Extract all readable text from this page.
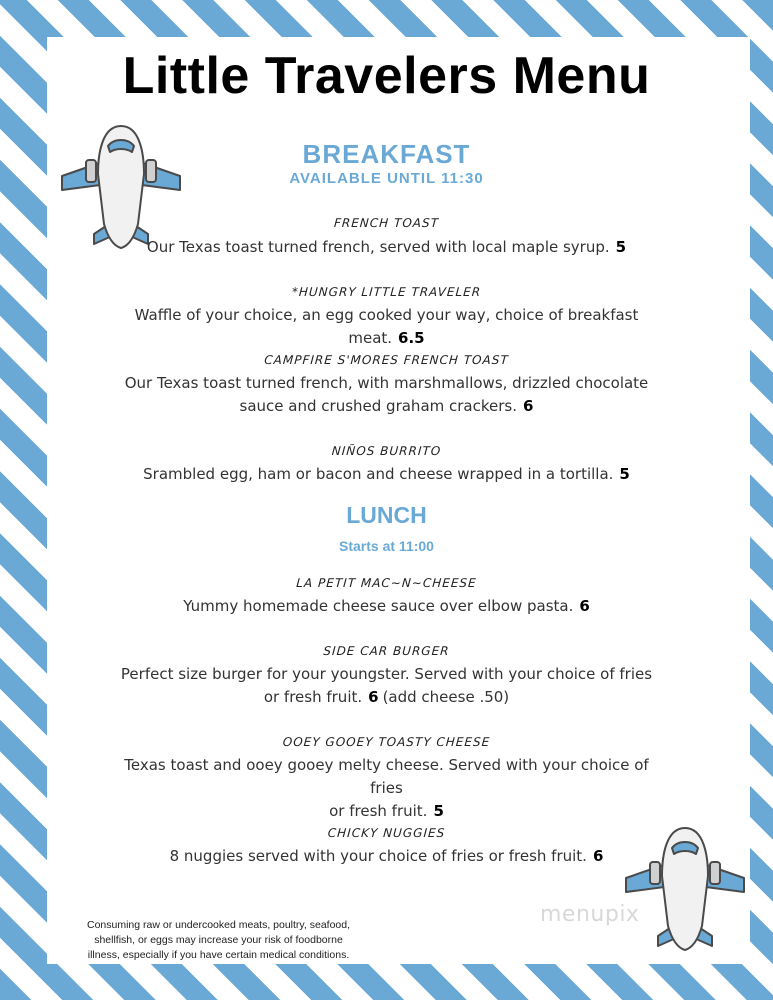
Little Travelers Menu
BREAKFAST
AVAILABLE UNTIL 11:30
FRENCH TOAST
Our Texas toast turned french, served with local maple syrup. 5
*HUNGRY LITTLE TRAVELER
Waffle of your choice, an egg cooked your way, choice of breakfast meat. 6.5
CAMPFIRE S'MORES FRENCH TOAST
Our Texas toast turned french, with marshmallows, drizzled chocolate
sauce and crushed graham crackers. 6
NIÑOS BURRITO
Srambled egg, ham or bacon and cheese wrapped in a tortilla. 5
LUNCH
Starts at 11:00
LA PETIT MAC~N~CHEESE
Yummy homemade cheese sauce over elbow pasta. 6
SIDE CAR BURGER
Perfect size burger for your youngster. Served with your choice of fries
or fresh fruit. 6 (add cheese .50)
OOEY GOOEY TOASTY CHEESE
Texas toast and ooey gooey melty cheese. Served with your choice of fries
or fresh fruit. 5
CHICKY NUGGIES
8 nuggies served with your choice of fries or fresh fruit. 6
Consuming raw or undercooked meats, poultry, seafood,
shellfish, or eggs may increase your risk of foodborne
illness, especially if you have certain medical conditions.
menupix
